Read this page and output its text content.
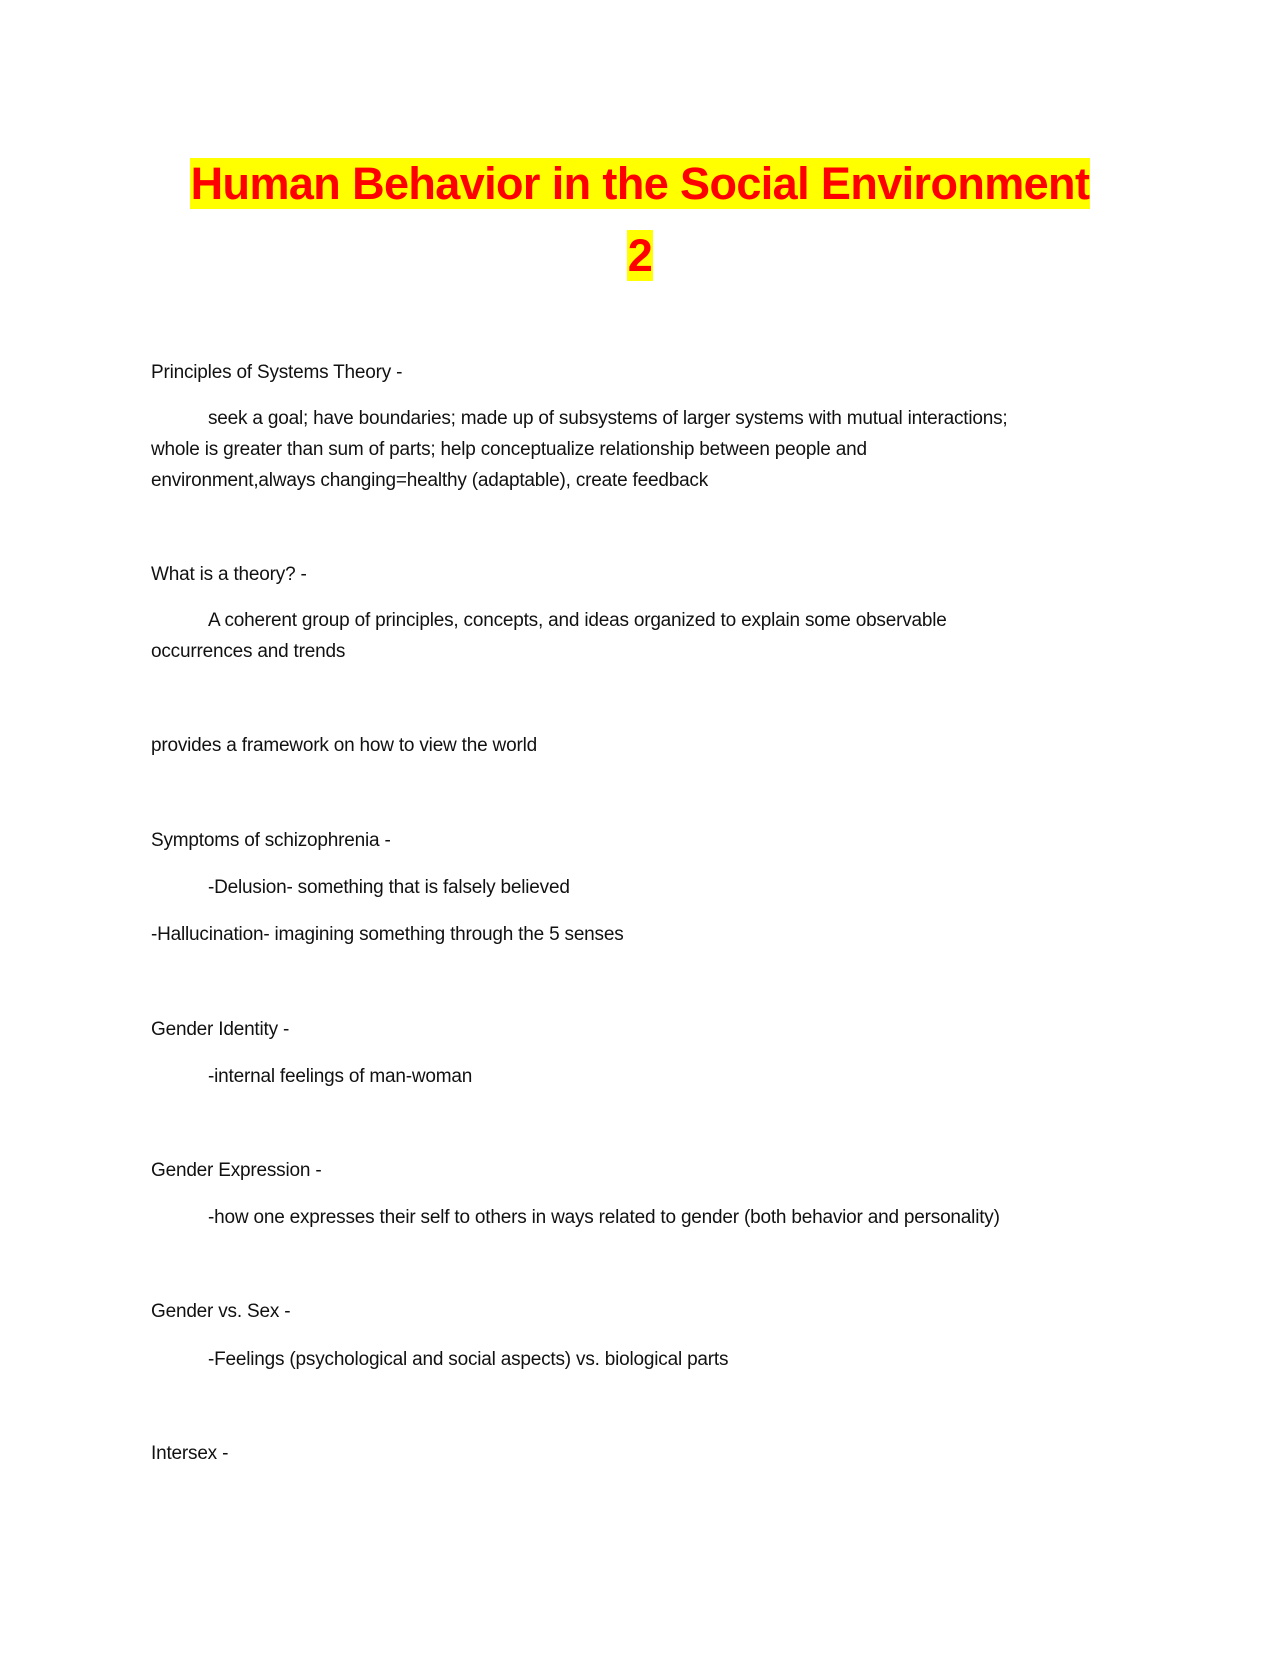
Human Behavior in the Social Environment
2
Principles of Systems Theory -
seek a goal; have boundaries; made up of subsystems of larger systems with mutual interactions;
whole is greater than sum of parts; help conceptualize relationship between people and
environment,always changing=healthy (adaptable), create feedback
What is a theory? -
A coherent group of principles, concepts, and ideas organized to explain some observable
occurrences and trends
provides a framework on how to view the world
Symptoms of schizophrenia -
-Delusion- something that is falsely believed
-Hallucination- imagining something through the 5 senses
Gender Identity -
-internal feelings of man-woman
Gender Expression -
-how one expresses their self to others in ways related to gender (both behavior and personality)
Gender vs. Sex -
-Feelings (psychological and social aspects) vs. biological parts
Intersex -
